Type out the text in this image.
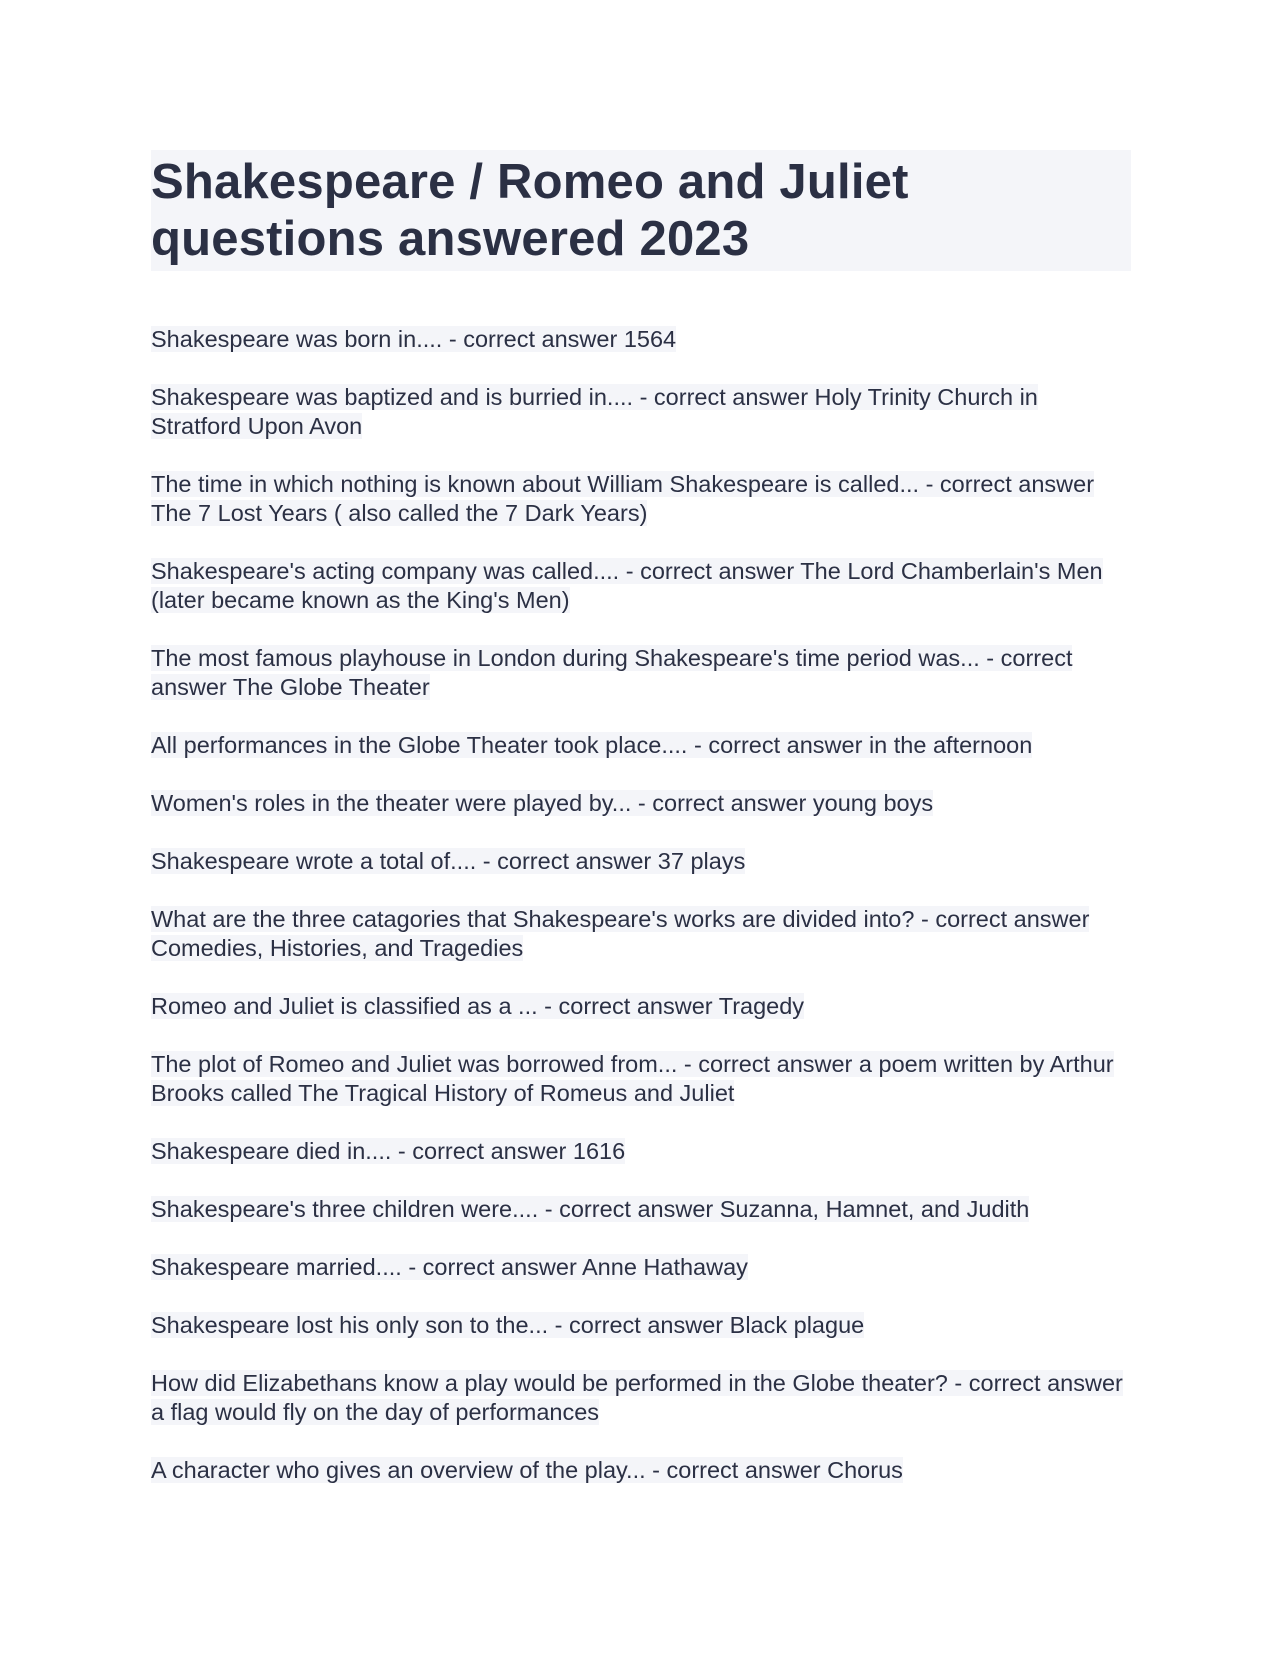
Shakespeare / Romeo and Juliet questions answered 2023
Shakespeare was born in.... - correct answer 1564
Shakespeare was baptized and is burried in.... - correct answer Holy Trinity Church in Stratford Upon Avon
The time in which nothing is known about William Shakespeare is called... - correct answer The 7 Lost Years ( also called the 7 Dark Years)
Shakespeare's acting company was called.... - correct answer The Lord Chamberlain's Men (later became known as the King's Men)
The most famous playhouse in London during Shakespeare's time period was... - correct answer The Globe Theater
All performances in the Globe Theater took place.... - correct answer in the afternoon
Women's roles in the theater were played by... - correct answer young boys
Shakespeare wrote a total of.... - correct answer 37 plays
What are the three catagories that Shakespeare's works are divided into? - correct answer Comedies, Histories, and Tragedies
Romeo and Juliet is classified as a ... - correct answer Tragedy
The plot of Romeo and Juliet was borrowed from... - correct answer a poem written by Arthur Brooks called The Tragical History of Romeus and Juliet
Shakespeare died in.... - correct answer 1616
Shakespeare's three children were.... - correct answer Suzanna, Hamnet, and Judith
Shakespeare married.... - correct answer Anne Hathaway
Shakespeare lost his only son to the... - correct answer Black plague
How did Elizabethans know a play would be performed in the Globe theater? - correct answer a flag would fly on the day of performances
A character who gives an overview of the play... - correct answer Chorus
